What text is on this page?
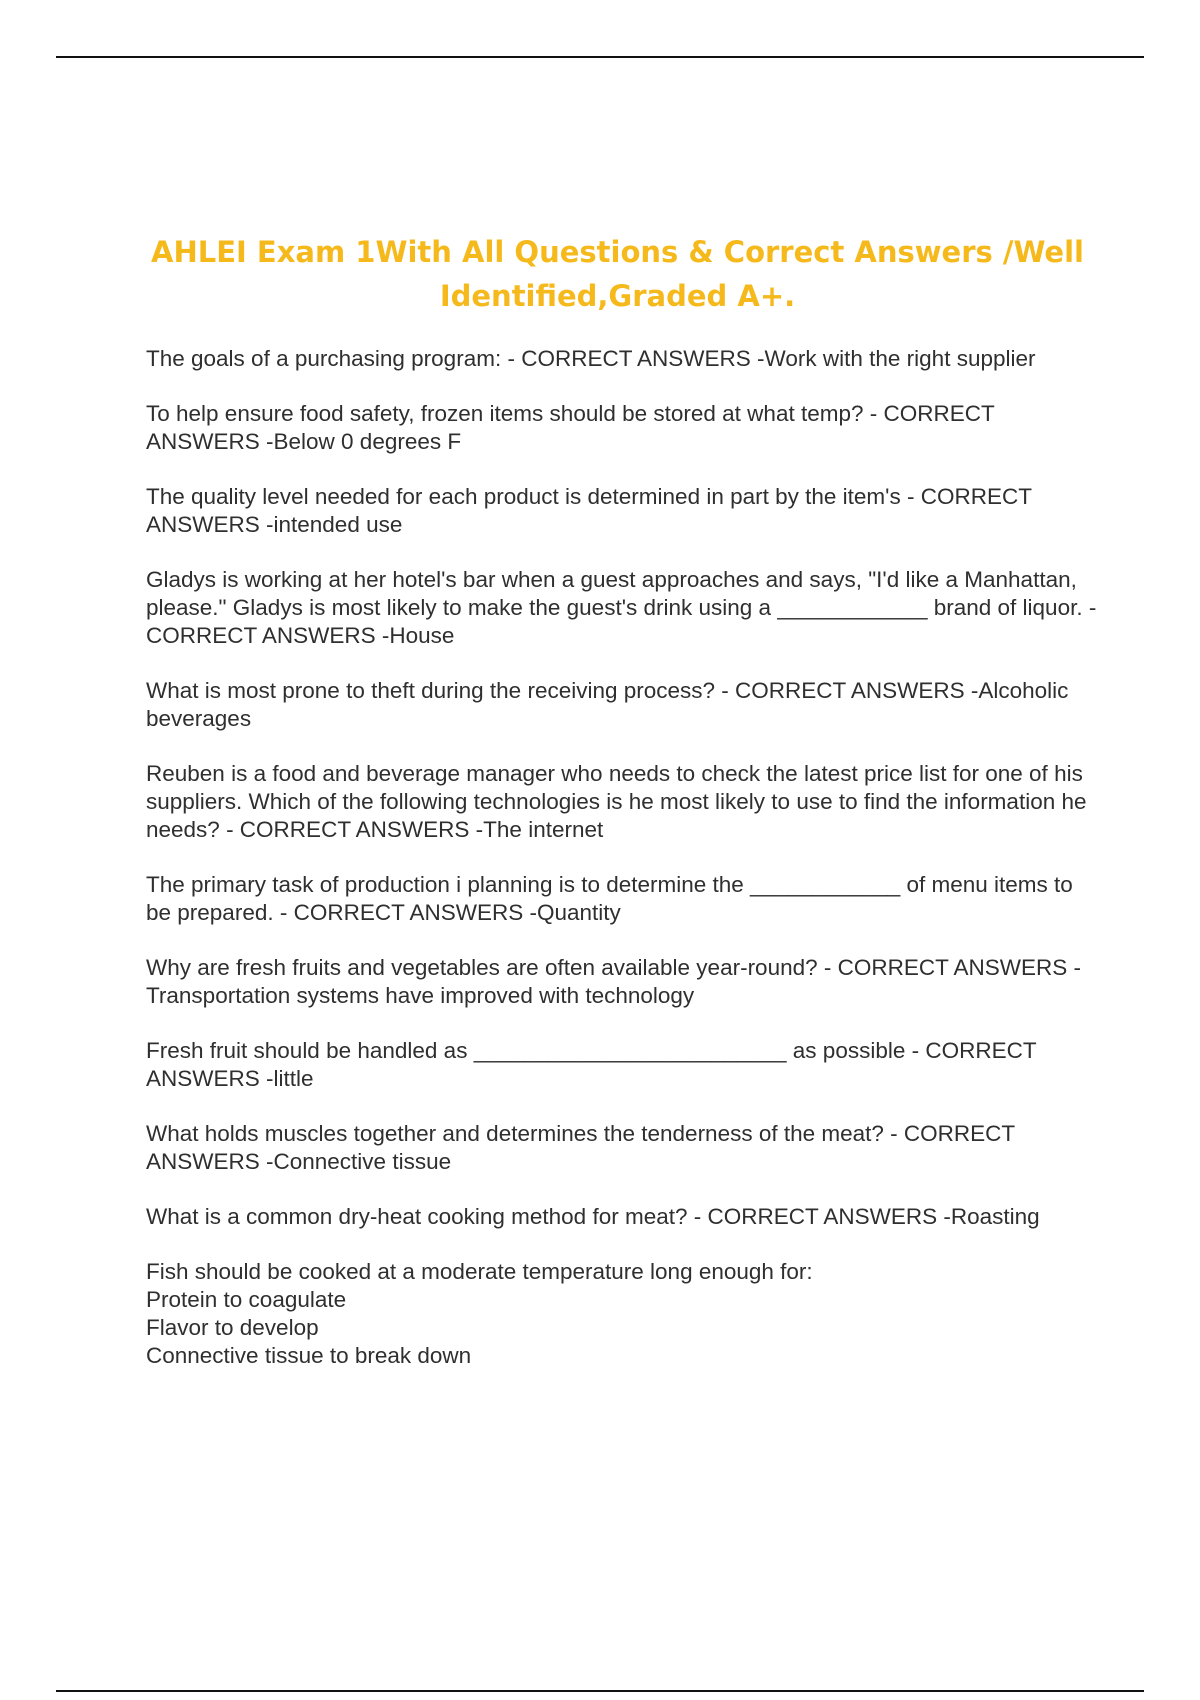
AHLEI Exam 1With All Questions & Correct Answers /Well Identified,Graded A+.
The goals of a purchasing program: - CORRECT ANSWERS -Work with the right supplier
To help ensure food safety, frozen items should be stored at what temp? - CORRECT ANSWERS -Below 0 degrees F
The quality level needed for each product is determined in part by the item's - CORRECT ANSWERS -intended use
Gladys is working at her hotel's bar when a guest approaches and says, "I'd like a Manhattan, please." Gladys is most likely to make the guest's drink using a ____________ brand of liquor. - CORRECT ANSWERS -House
What is most prone to theft during the receiving process? - CORRECT ANSWERS -Alcoholic beverages
Reuben is a food and beverage manager who needs to check the latest price list for one of his suppliers. Which of the following technologies is he most likely to use to find the information he needs? - CORRECT ANSWERS -The internet
The primary task of production i planning is to determine the ____________ of menu items to be prepared. - CORRECT ANSWERS -Quantity
Why are fresh fruits and vegetables are often available year-round? - CORRECT ANSWERS -Transportation systems have improved with technology
Fresh fruit should be handled as _________________________ as possible - CORRECT ANSWERS -little
What holds muscles together and determines the tenderness of the meat? - CORRECT ANSWERS -Connective tissue
What is a common dry-heat cooking method for meat? - CORRECT ANSWERS -Roasting
Fish should be cooked at a moderate temperature long enough for:
Protein to coagulate
Flavor to develop
Connective tissue to break down
